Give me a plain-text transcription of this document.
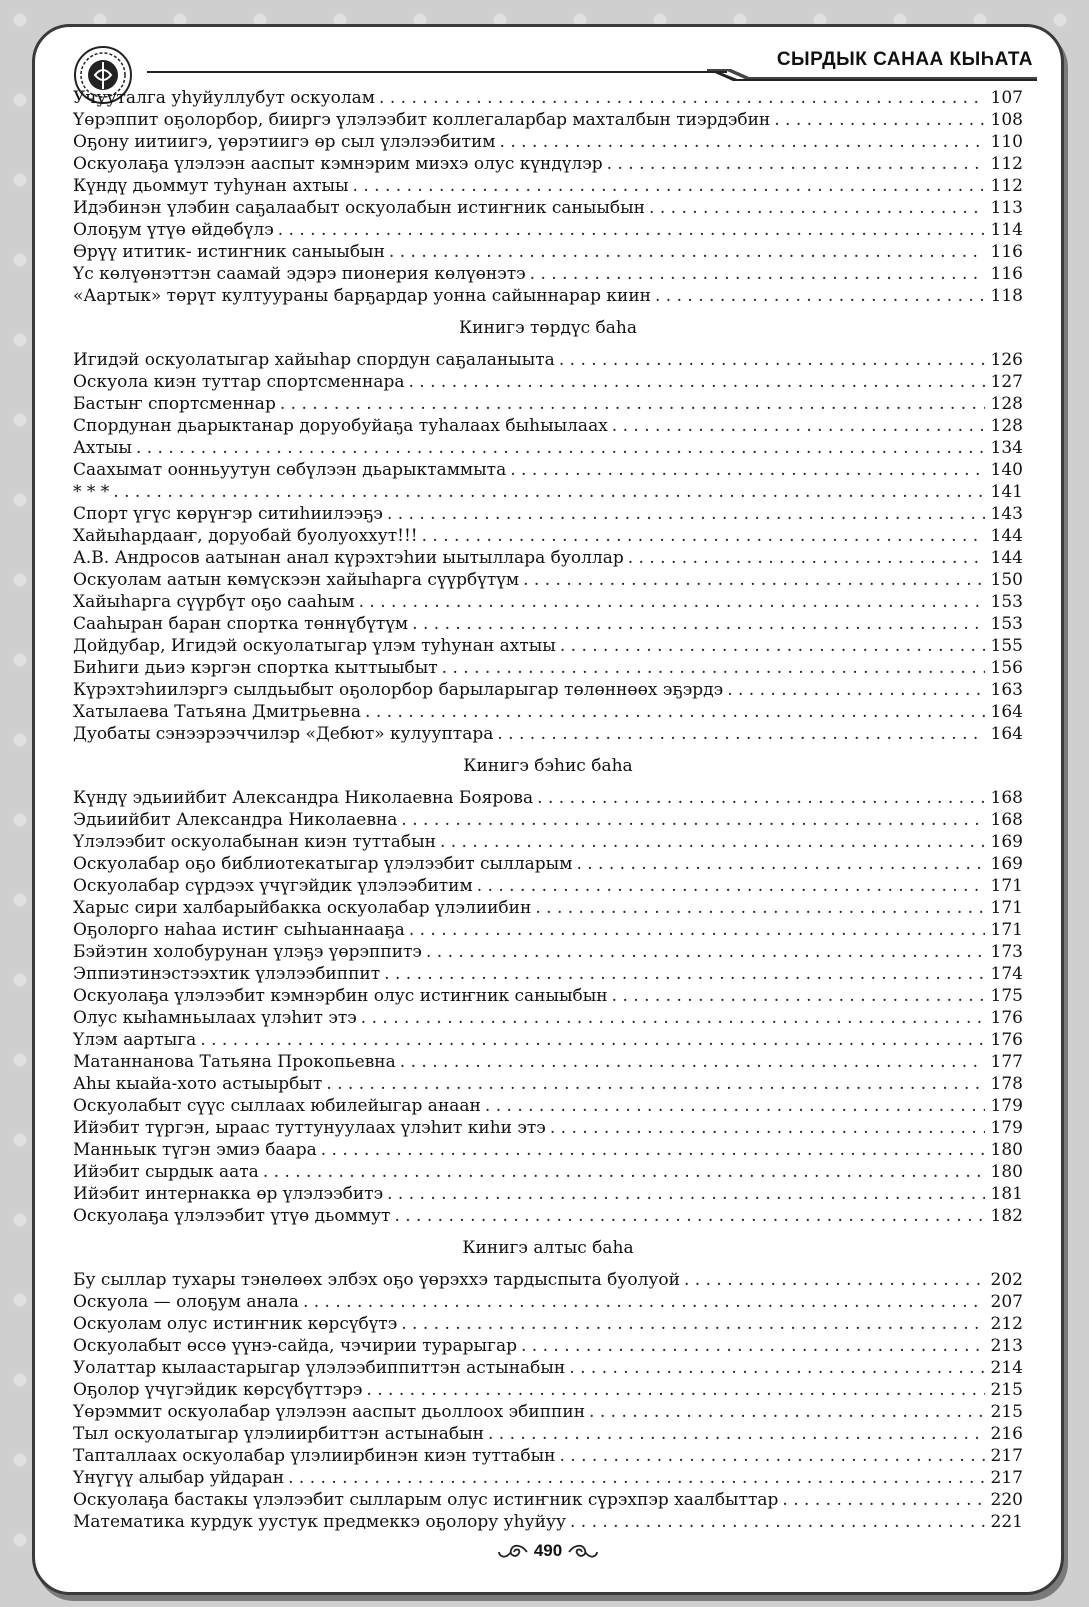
СЫРДЫК САНАА КЫҺАТА
Учууталга уһуйуллубут оскуолам . . .	107
Үөрэппит оҕолорбор, бииргэ үлэлээбит коллегаларбар махталбын тиэрдэбин . . .	108
Оҕону иитиигэ, үөрэтиигэ өр сыл үлэлээбитим . . .	110
Оскуолаҕа үлэлээн ааспыт кэмнэрим миэхэ олус күндүлэр . . .	112
Күндү дьоммут туһунан ахтыы . . .	112
Идэбинэн үлэбин саҕалаабыт оскуолабын истиҥник саныыбын . . .	113
Олоҕум үтүө өйдөбүлэ . . .	114
Өрүү ититик- истиҥник саныыбын . . .	116
Үс көлүөнэттэн саамай эдэрэ пионерия көлүөнэтэ . . .	116
«Аартык» төрүт култуураны барҕардар уонна сайыннарар киин . . .	118
Кинигэ төрдүс баһа
Игидэй оскуолатыгар хайыһар спордун саҕаланыыта . . .	126
Оскуола киэн туттар спортсменнара . . .	127
Бастыҥ спортсменнар . . .	128
Спордунан дьарыктанар доруобуйаҕа туһалаах быһыылаах . . .	128
Ахтыы . . .	134
Саахымат оонньуутун сөбүлээн дьарыктаммыта . . .	140
* * * . . .	141
Спорт үгүс көрүҥэр ситиһиилээҕэ . . .	143
Хайыһардааҥ, доруобай буолуоххут!!! . . .	144
А.В. Андросов аатынан анал күрэхтэһии ыытыллара буоллар . . .	144
Оскуолам аатын көмүскээн хайыһарга сүүрбүтүм . . .	150
Хайыһарга сүүрбүт оҕо сааһым . . .	153
Сааһыран баран спортка төннүбүтүм . . .	153
Дойдубар, Игидэй оскуолатыгар үлэм туһунан ахтыы . . .	155
Биһиги дьиэ кэргэн спортка кыттыыбыт . . .	156
Күрэхтэһиилэргэ сылдьыбыт оҕолорбор барыларыгар төлөннөөх эҕэрдэ . . .	163
Хатылаева Татьяна Дмитрьевна . . .	164
Дуобаты сэнээрээччилэр «Дебют» кулууптара . . .	164
Кинигэ бэһис баһа
Күндү эдьиийбит Александра Николаевна Боярова . . .	168
Эдьиийбит Александра Николаевна . . .	168
Үлэлээбит оскуолабынан киэн туттабын . . .	169
Оскуолабар оҕо библиотекатыгар үлэлээбит сылларым . . .	169
Оскуолабар сүрдээх үчүгэйдик үлэлээбитим . . .	171
Харыс сири халбарыйбакка оскуолабар үлэлиибин . . .	171
Оҕолорго наһаа истиҥ сыһыаннааҕа . . .	171
Бэйэтин холобурунан үлэҕэ үөрэппитэ . . .	173
Эппиэтинэстээхтик үлэлээбиппит . . .	174
Оскуолаҕа үлэлээбит кэмнэрбин олус истиҥник саныыбын . . .	175
Олус кыһамньылаах үлэһит этэ . . .	176
Үлэм аартыга . . .	176
Матаннанова Татьяна Прокопьевна . . .	177
Аһы кыайа-хото астыырбыт . . .	178
Оскуолабыт сүүс сыллаах юбилейыгар анаан . . .	179
Ийэбит түргэн, ыраас туттунуулаах үлэһит киһи этэ . . .	179
Манньык түгэн эмиэ баара . . .	180
Ийэбит сырдык аата . . .	180
Ийэбит интернакка өр үлэлээбитэ . . .	181
Оскуолаҕа үлэлээбит үтүө дьоммут . . .	182
Кинигэ алтыс баһа
Бу сыллар тухары тэнөлөөх элбэх оҕо үөрэххэ тардыспыта буолуой . . .	202
Оскуола — олоҕум анала . . .	207
Оскуолам олус истиҥник көрсүбүтэ . . .	212
Оскуолабыт өссө үүнэ-сайда, чэчирии турарыгар . . .	213
Уолаттар кылаастарыгар үлэлээбиппиттэн астынабын . . .	214
Оҕолор үчүгэйдик көрсүбүттэрэ . . .	215
Үөрэммит оскуолабар үлэлээн ааспыт дьоллоох эбиппин . . .	215
Тыл оскуолатыгар үлэлиирбиттэн астынабын . . .	216
Тапталлаах оскуолабар үлэлиирбинэн киэн туттабын . . .	217
Үнүгүү алыбар уйдаран . . .	217
Оскуолаҕа бастакы үлэлээбит сылларым олус истиҥник сүрэхпэр хаалбыттар . . .	220
Математика курдук уустук предмеккэ оҕолору уһуйуу . . .	221
490
